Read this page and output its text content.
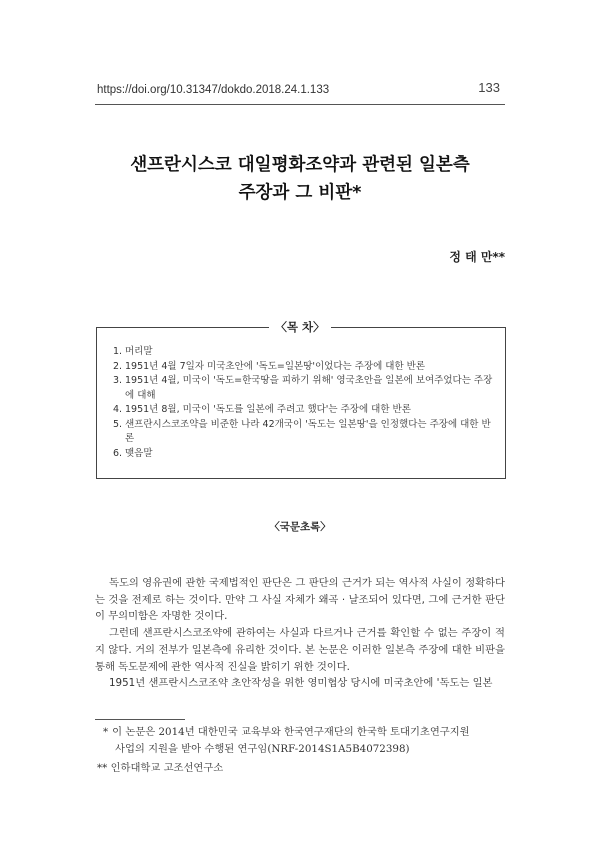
https://doi.org/10.31347/dokdo.2018.24.1.133	133
샌프란시스코 대일평화조약과 관련된 일본측
주장과 그 비판*
정 태 만**
〈목 차〉
1. 머리말
2. 1951년 4월 7일자 미국초안에 '독도=일본땅'이었다는 주장에 대한 반론
3. 1951년 4월, 미국이 '독도=한국땅을 피하기 위해' 영국초안을 일본에 보여주었다는 주장에 대해
4. 1951년 8월, 미국이 '독도를 일본에 주려고 했다'는 주장에 대한 반론
5. 샌프란시스코조약을 비준한 나라 42개국이 '독도는 일본땅'을 인정했다는 주장에 대한 반론
6. 맺음말
〈국문초록〉

독도의 영유권에 관한 국제법적인 판단은 그 판단의 근거가 되는 역사적 사실이 정확하다는 것을 전제로 하는 것이다. 만약 그 사실 자체가 왜곡 · 날조되어 있다면, 그에 근거한 판단이 무의미함은 자명한 것이다.

그런데 샌프란시스코조약에 관하여는 사실과 다르거나 근거를 확인할 수 없는 주장이 적지 않다. 거의 전부가 일본측에 유리한 것이다. 본 논문은 이러한 일본측 주장에 대한 비판을 통해 독도문제에 관한 역사적 진실을 밝히기 위한 것이다.

1951년 샌프란시스코조약 초안작성을 위한 영미협상 당시에 미국초안에 '독도는 일본

* 이 논문은 2014년 대한민국 교육부와 한국연구재단의 한국학 토대기초연구지원
사업의 지원을 받아 수행된 연구임(NRF-2014S1A5B4072398)
** 인하대학교 고조선연구소
